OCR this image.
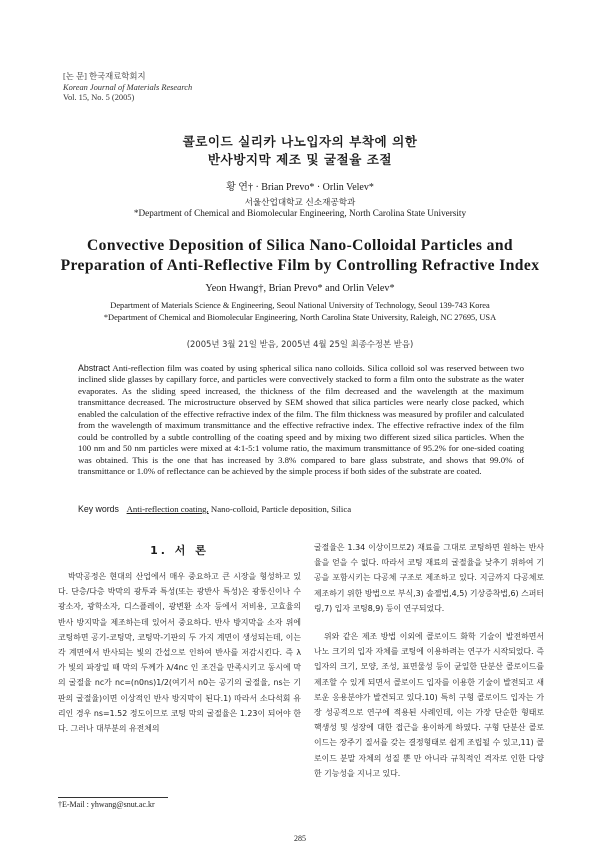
[논 문] 한국재료학회지
Korean Journal of Materials Research
Vol. 15, No. 5 (2005)
콜로이드 실리카 나노입자의 부착에 의한
반사방지막 제조 및 굴절율 조절
황 연† · Brian Prevo* · Orlin Velev*
서울산업대학교 신소재공학과
*Department of Chemical and Biomolecular Engineering, North Carolina State University
Convective Deposition of Silica Nano-Colloidal Particles and
Preparation of Anti-Reflective Film by Controlling Refractive Index
Yeon Hwang†, Brian Prevo* and Orlin Velev*
Department of Materials Science & Engineering, Seoul National University of Technology, Seoul 139-743 Korea
*Department of Chemical and Biomolecular Engineering, North Carolina State University, Raleigh, NC 27695, USA
(2005년 3월 21일 받음, 2005년 4월 25일 최종수정본 받음)
Abstract Anti-reflection film was coated by using spherical silica nano colloids. Silica colloid sol was reserved between two inclined slide glasses by capillary force, and particles were convectively stacked to form a film onto the substrate as the water evaporates. As the sliding speed increased, the thickness of the film decreased and the wavelength at the maximum transmittance decreased. The microstructure observed by SEM showed that silica particles were nearly close packed, which enabled the calculation of the effective refractive index of the film. The film thickness was measured by profiler and calculated from the wavelength of maximum transmittance and the effective refractive index. The effective refractive index of the film could be controlled by a subtle controlling of the coating speed and by mixing two different sized silica particles. When the 100 nm and 50 nm particles were mixed at 4:1-5:1 volume ratio, the maximum transmittance of 95.2% for one-sided coating was obtained. This is the one that has increased by 3.8% compared to bare glass substrate, and shows that 99.0% of transmittance or 1.0% of reflectance can be achieved by the simple process if both sides of the substrate are coated.
Key words Anti-reflection coating, Nano-colloid, Particle deposition, Silica
1. 서 론

박막공정은 현대의 산업에서 매우 중요하고 큰 시장을 형성하고 있다. 단층/다층 박막의 광투과 특성(또는 광반사 특성)은 광통신이나 수광소자, 광학소자, 디스플레이, 광변환 소자 등에서 저비용, 고효율의 반사 방지막을 제조하는데 있어서 중요하다. 반사 방지막을 소자 위에 코팅하면 공기-코팅막, 코팅막-기판의 두 가지 계면이 생성되는데, 이는 각 계면에서 반사되는 빛의 간섭으로 인하여 반사를 저감시킨다. 즉 λ가 빛의 파장일 때 막의 두께가 λ/4nc 인 조건을 만족시키고 동시에 막의 굴절율 nc가 nc=(n0ns)1/2(여기서 n0는 공기의 굴절율, ns는 기판의 굴절율)이면 이상적인 반사 방지막이 된다.1) 따라서 소다석회 유리인 경우 ns=1.52 정도이므로 코팅 막의 굴절율은 1.23이 되어야 한다. 그러나 대부분의 유전체의

굴절율은 1.34 이상이므로2) 재료를 그대로 코팅하면 원하는 반사율을 얻을 수 없다. 따라서 코팅 재료의 굴절율을 낮추기 위하여 기공을 포함시키는 다공체 구조로 제조하고 있다. 지금까지 다공체로 제조하기 위한 방법으로 부식,3) 솔젤법,4,5) 기상증착법,6) 스퍼터링,7) 입자 코팅8,9) 등이 연구되었다.

위와 같은 제조 방법 이외에 콜로이드 화학 기술이 발전하면서 나노 크기의 입자 자체를 코팅에 이용하려는 연구가 시작되었다. 즉 입자의 크기, 모양, 조성, 표면물성 등이 균일한 단분산 콜로이드를 제조할 수 있게 되면서 콜로이드 입자를 이용한 기술이 발전되고 새로운 응용분야가 발견되고 있다.10) 특히 구형 콜로이드 입자는 가장 성공적으로 연구에 적용된 사례인데, 이는 가장 단순한 형태로 핵생성 및 성장에 대한 접근을 용이하게 하였다. 구형 단분산 콜로이드는 장주기 질서를 갖는 결정형태로 쉽게 조립될 수 있고,11) 콜로이드 분말 자체의 성질 뿐 만 아니라 규칙적인 격자로 인한 다양한 기능성을 지니고 있다.

†E-Mail : yhwang@snut.ac.kr
285
